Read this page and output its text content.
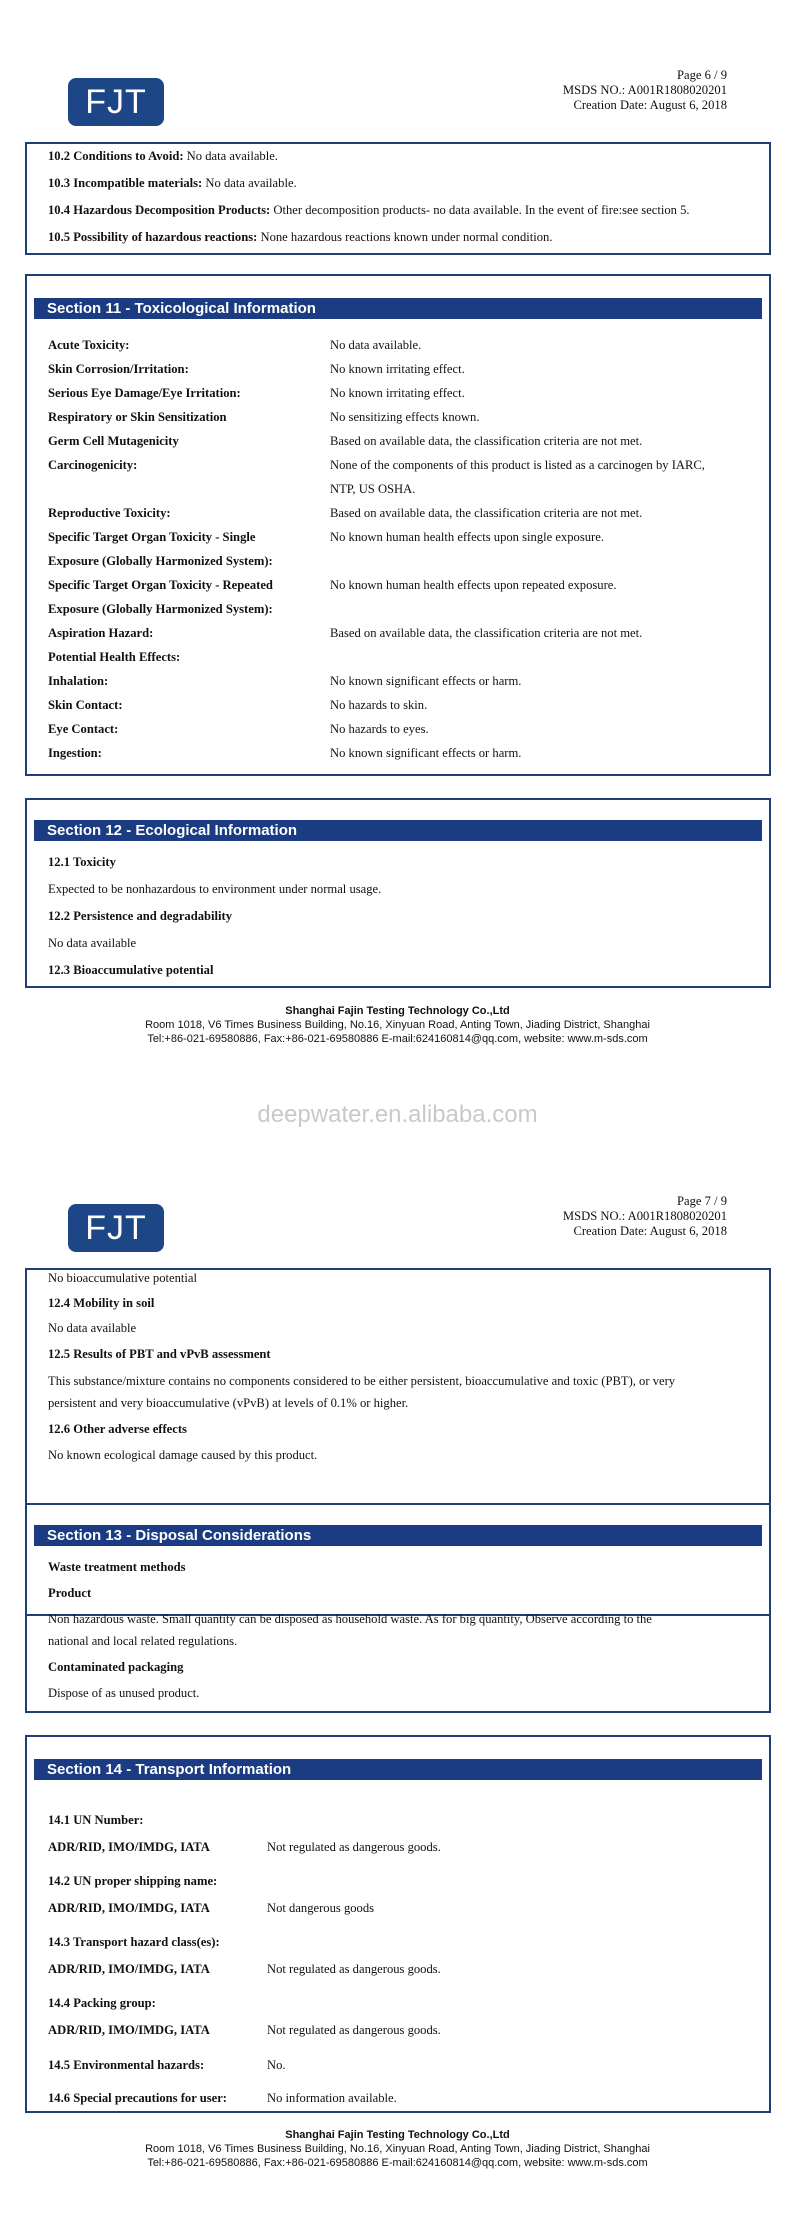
FJT
Page 6 / 9
MSDS NO.: A001R1808020201
Creation Date: August 6, 2018
10.2 Conditions to Avoid: No data available.
10.3 Incompatible materials: No data available.
10.4 Hazardous Decomposition Products: Other decomposition products- no data available. In the event of fire:see section 5.
10.5 Possibility of hazardous reactions: None hazardous reactions known under normal condition.
Section 11 - Toxicological Information
Acute Toxicity:	No data available.
Skin Corrosion/Irritation:	No known irritating effect.
Serious Eye Damage/Eye Irritation:	No known irritating effect.
Respiratory or Skin Sensitization	No sensitizing effects known.
Germ Cell Mutagenicity	Based on available data, the classification criteria are not met.
Carcinogenicity:	None of the components of this product is listed as a carcinogen by IARC,
NTP, US OSHA.
Reproductive Toxicity:	Based on available data, the classification criteria are not met.
Specific Target Organ Toxicity - Single	No known human health effects upon single exposure.
Exposure (Globally Harmonized System):
Specific Target Organ Toxicity - Repeated	No known human health effects upon repeated exposure.
Exposure (Globally Harmonized System):
Aspiration Hazard:	Based on available data, the classification criteria are not met.
Potential Health Effects:
Inhalation:	No known significant effects or harm.
Skin Contact:	No hazards to skin.
Eye Contact:	No hazards to eyes.
Ingestion:	No known significant effects or harm.
Section 12 - Ecological Information
12.1 Toxicity
Expected to be nonhazardous to environment under normal usage.
12.2 Persistence and degradability
No data available
12.3 Bioaccumulative potential
Shanghai Fajin Testing Technology Co.,Ltd
Room 1018, V6 Times Business Building, No.16, Xinyuan Road, Anting Town, Jiading District, Shanghai
Tel:+86-021-69580886, Fax:+86-021-69580886 E-mail:624160814@qq.com, website: www.m-sds.com
deepwater.en.alibaba.com
FJT
Page 7 / 9
MSDS NO.: A001R1808020201
Creation Date: August 6, 2018
No bioaccumulative potential
12.4 Mobility in soil
No data available
12.5 Results of PBT and vPvB assessment
This substance/mixture contains no components considered to be either persistent, bioaccumulative and toxic (PBT), or very
persistent and very bioaccumulative (vPvB) at levels of 0.1% or higher.
12.6 Other adverse effects
No known ecological damage caused by this product.
Section 13 - Disposal Considerations
Waste treatment methods
Product
Non hazardous waste. Small quantity can be disposed as household waste. As for big quantity, Observe according to the
national and local related regulations.
Contaminated packaging
Dispose of as unused product.
Section 14 - Transport Information
14.1 UN Number:
ADR/RID, IMO/IMDG, IATA	Not regulated as dangerous goods.
14.2 UN proper shipping name:
ADR/RID, IMO/IMDG, IATA	Not dangerous goods
14.3 Transport hazard class(es):
ADR/RID, IMO/IMDG, IATA	Not regulated as dangerous goods.
14.4 Packing group:
ADR/RID, IMO/IMDG, IATA	Not regulated as dangerous goods.
14.5 Environmental hazards:	No.
14.6 Special precautions for user:	No information available.
Shanghai Fajin Testing Technology Co.,Ltd
Room 1018, V6 Times Business Building, No.16, Xinyuan Road, Anting Town, Jiading District, Shanghai
Tel:+86-021-69580886, Fax:+86-021-69580886 E-mail:624160814@qq.com, website: www.m-sds.com
